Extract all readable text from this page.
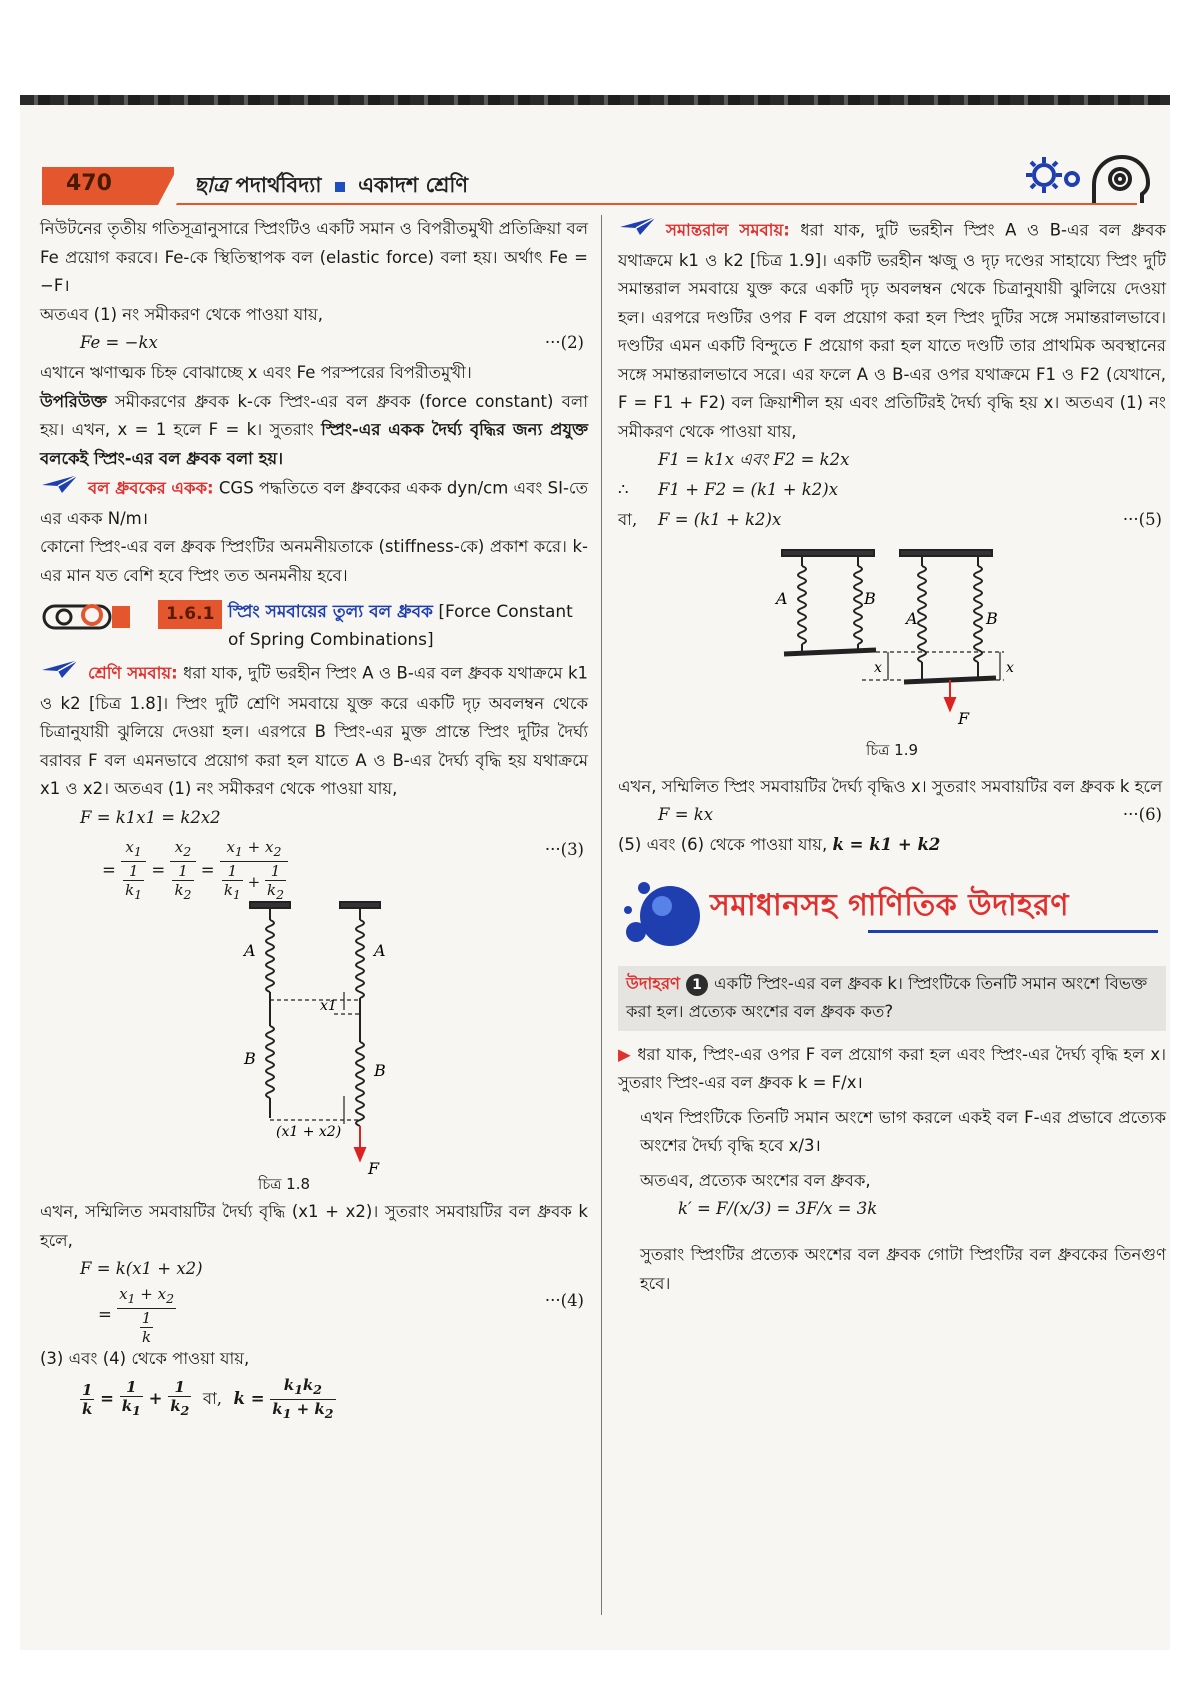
470	ছাত্র পদার্থবিদ্যা একাদশ শ্রেণি

নিউটনের তৃতীয় গতিসূত্রানুসারে স্প্রিংটিও একটি সমান ও বিপরীতমুখী প্রতিক্রিয়া বল Fe প্রয়োগ করবে। Fe-কে স্থিতিস্থাপক বল (elastic force) বলা হয়। অর্থাৎ Fe = −F।

অতএব (1) নং সমীকরণ থেকে পাওয়া যায়,

Fe = −kx	···(2)

এখানে ঋণাত্মক চিহ্ন বোঝাচ্ছে x এবং Fe পরস্পরের বিপরীতমুখী।

উপরিউক্ত সমীকরণের ধ্রুবক k-কে স্প্রিং-এর বল ধ্রুবক (force constant) বলা হয়। এখন, x = 1 হলে F = k। সুতরাং স্প্রিং-এর একক দৈর্ঘ্য বৃদ্ধির জন্য প্রযুক্ত বলকেই স্প্রিং-এর বল ধ্রুবক বলা হয়।

বল ধ্রুবকের একক: CGS পদ্ধতিতে বল ধ্রুবকের একক dyn/cm এবং SI-তে এর একক N/m।

কোনো স্প্রিং-এর বল ধ্রুবক স্প্রিংটির অনমনীয়তাকে (stiffness-কে) প্রকাশ করে। k-এর মান যত বেশি হবে স্প্রিং তত অনমনীয় হবে।

1.6.1 স্প্রিং সমবায়ের তুল্য বল ধ্রুবক [Force Constant of Spring Combinations]

শ্রেণি সমবায়: ধরা যাক, দুটি ভরহীন স্প্রিং A ও B-এর বল ধ্রুবক যথাক্রমে k1 ও k2 [চিত্র 1.8]। স্প্রিং দুটি শ্রেণি সমবায়ে যুক্ত করে একটি দৃঢ় অবলম্বন থেকে চিত্রানুযায়ী ঝুলিয়ে দেওয়া হল। এরপরে B স্প্রিং-এর মুক্ত প্রান্তে স্প্রিং দুটির দৈর্ঘ্য বরাবর F বল এমনভাবে প্রয়োগ করা হল যাতে A ও B-এর দৈর্ঘ্য বৃদ্ধি হয় যথাক্রমে x1 ও x2। অতএব (1) নং সমীকরণ থেকে পাওয়া যায়,

F = k1x1 = k2x2
= $\frac{x_1}{\frac{1}{k_1}} = \frac{x_2}{\frac{1}{k_2}} = \frac{x_1 + x_2}{\frac{1}{k_1} + \frac{1}{k_2}}$	···(3)
A
B
A
B
x1
(x1 + x2)
F
চিত্র 1.8

এখন, সম্মিলিত সমবায়টির দৈর্ঘ্য বৃদ্ধি (x1 + x2)। সুতরাং সমবায়টির বল ধ্রুবক k হলে,

F = k(x1 + x2)
= $\frac{x_1 + x_2}{\frac{1}{k}}$	···(4)

(3) এবং (4) থেকে পাওয়া যায়,

$\frac{1}{k} = \frac{1}{k_1} + \frac{1}{k_2}$ বা,  $k = \frac{k_1k_2}{k_1 + k_2}$

সমান্তরাল সমবায়: ধরা যাক, দুটি ভরহীন স্প্রিং A ও B-এর বল ধ্রুবক যথাক্রমে k1 ও k2 [চিত্র 1.9]। একটি ভরহীন ঋজু ও দৃঢ় দণ্ডের সাহায্যে স্প্রিং দুটি সমান্তরাল সমবায়ে যুক্ত করে একটি দৃঢ় অবলম্বন থেকে চিত্রানুযায়ী ঝুলিয়ে দেওয়া হল। এরপরে দণ্ডটির ওপর F বল প্রয়োগ করা হল স্প্রিং দুটির সঙ্গে সমান্তরালভাবে। দণ্ডটির এমন একটি বিন্দুতে F প্রয়োগ করা হল যাতে দণ্ডটি তার প্রাথমিক অবস্থানের সঙ্গে সমান্তরালভাবে সরে। এর ফলে A ও B-এর ওপর যথাক্রমে F1 ও F2 (যেখানে, F = F1 + F2) বল ক্রিয়াশীল হয় এবং প্রতিটিরই দৈর্ঘ্য বৃদ্ধি হয় x। অতএব (1) নং সমীকরণ থেকে পাওয়া যায়,

F1 = k1x এবং F2 = k2x
∴ F1 + F2 = (k1 + k2)x
বা, F = (k1 + k2)x	···(5)
A	B
A	B
x	x
F
চিত্র 1.9

এখন, সম্মিলিত স্প্রিং সমবায়টির দৈর্ঘ্য বৃদ্ধিও x। সুতরাং সমবায়টির বল ধ্রুবক k হলে

F = kx	···(6)

(5) এবং (6) থেকে পাওয়া যায়, k = k1 + k2

সমাধানসহ গাণিতিক উদাহরণ
উদাহরণ 1 একটি স্প্রিং-এর বল ধ্রুবক k। স্প্রিংটিকে তিনটি সমান অংশে বিভক্ত করা হল। প্রত্যেক অংশের বল ধ্রুবক কত?

▶ ধরা যাক, স্প্রিং-এর ওপর F বল প্রয়োগ করা হল এবং স্প্রিং-এর দৈর্ঘ্য বৃদ্ধি হল x। সুতরাং স্প্রিং-এর বল ধ্রুবক k = F/x।

এখন স্প্রিংটিকে তিনটি সমান অংশে ভাগ করলে একই বল F-এর প্রভাবে প্রত্যেক অংশের দৈর্ঘ্য বৃদ্ধি হবে x/3।

অতএব, প্রত্যেক অংশের বল ধ্রুবক,

k′ = F/(x/3) = 3F/x = 3k

সুতরাং স্প্রিংটির প্রত্যেক অংশের বল ধ্রুবক গোটা স্প্রিংটির বল ধ্রুবকের তিনগুণ হবে।
